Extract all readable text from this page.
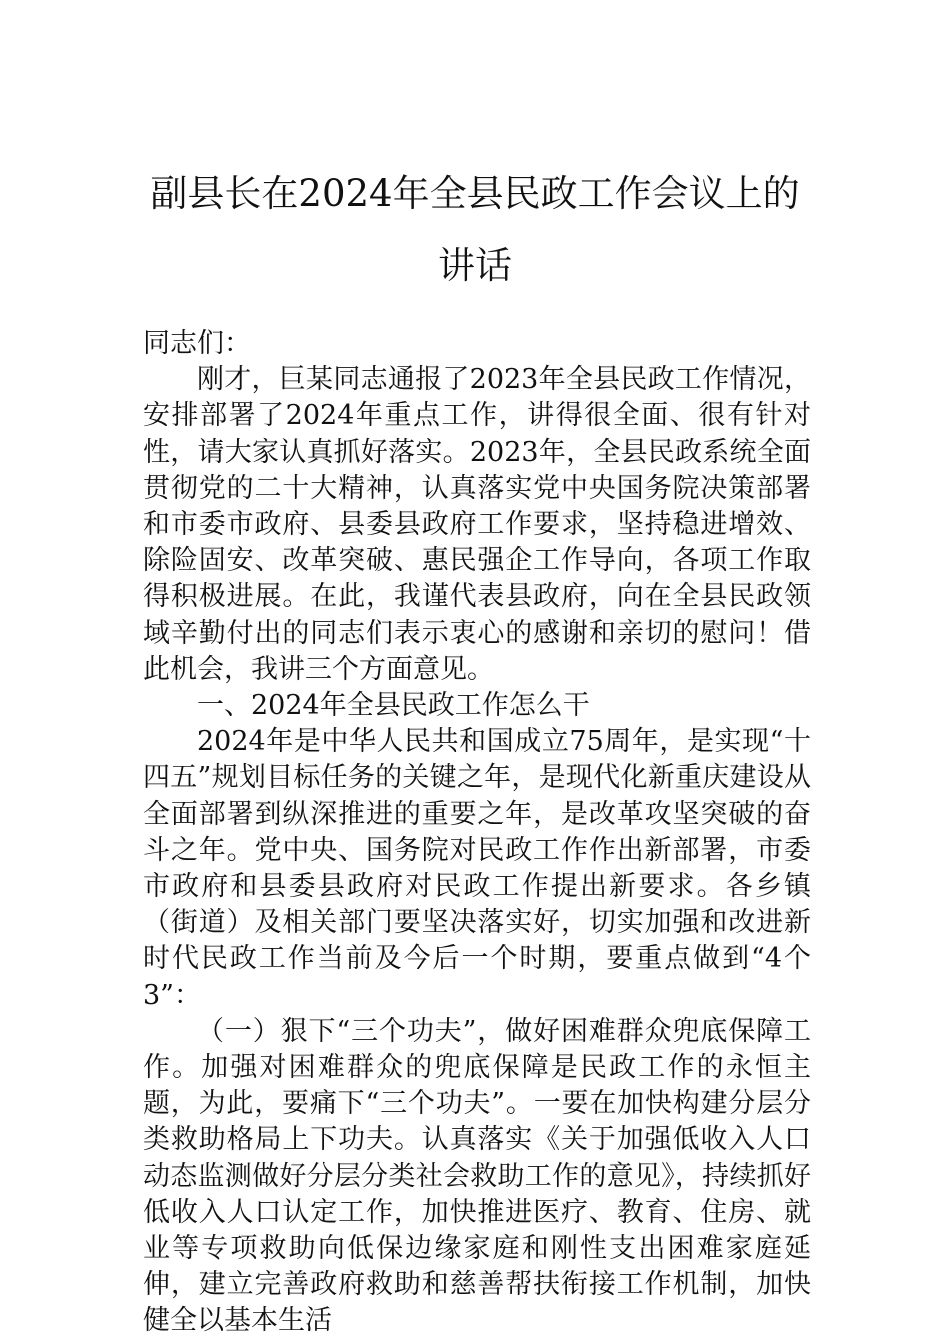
副县长在2024年全县民政工作会议上的讲话

同志们：

刚才，巨某同志通报了2023年全县民政工作情况，安排部署了2024年重点工作，讲得很全面、很有针对性，请大家认真抓好落实。2023年，全县民政系统全面贯彻党的二十大精神，认真落实党中央国务院决策部署和市委市政府、县委县政府工作要求，坚持稳进增效、除险固安、改革突破、惠民强企工作导向，各项工作取得积极进展。在此，我谨代表县政府，向在全县民政领域辛勤付出的同志们表示衷心的感谢和亲切的慰问！借此机会，我讲三个方面意见。

一、2024年全县民政工作怎么干

2024年是中华人民共和国成立75周年，是实现“十四五”规划目标任务的关键之年，是现代化新重庆建设从全面部署到纵深推进的重要之年，是改革攻坚突破的奋斗之年。党中央、国务院对民政工作作出新部署，市委市政府和县委县政府对民政工作提出新要求。各乡镇（街道）及相关部门要坚决落实好，切实加强和改进新时代民政工作当前及今后一个时期，要重点做到“4个3”：

（一）狠下“三个功夫”，做好困难群众兜底保障工作。加强对困难群众的兜底保障是民政工作的永恒主题，为此，要痛下“三个功夫”。一要在加快构建分层分类救助格局上下功夫。认真落实《关于加强低收入人口动态监测做好分层分类社会救助工作的意见》，持续抓好低收入人口认定工作，加快推进医疗、教育、住房、就业等专项救助向低保边缘家庭和刚性支出困难家庭延伸，建立完善政府救助和慈善帮扶衔接工作机制，加快健全以基本生活
